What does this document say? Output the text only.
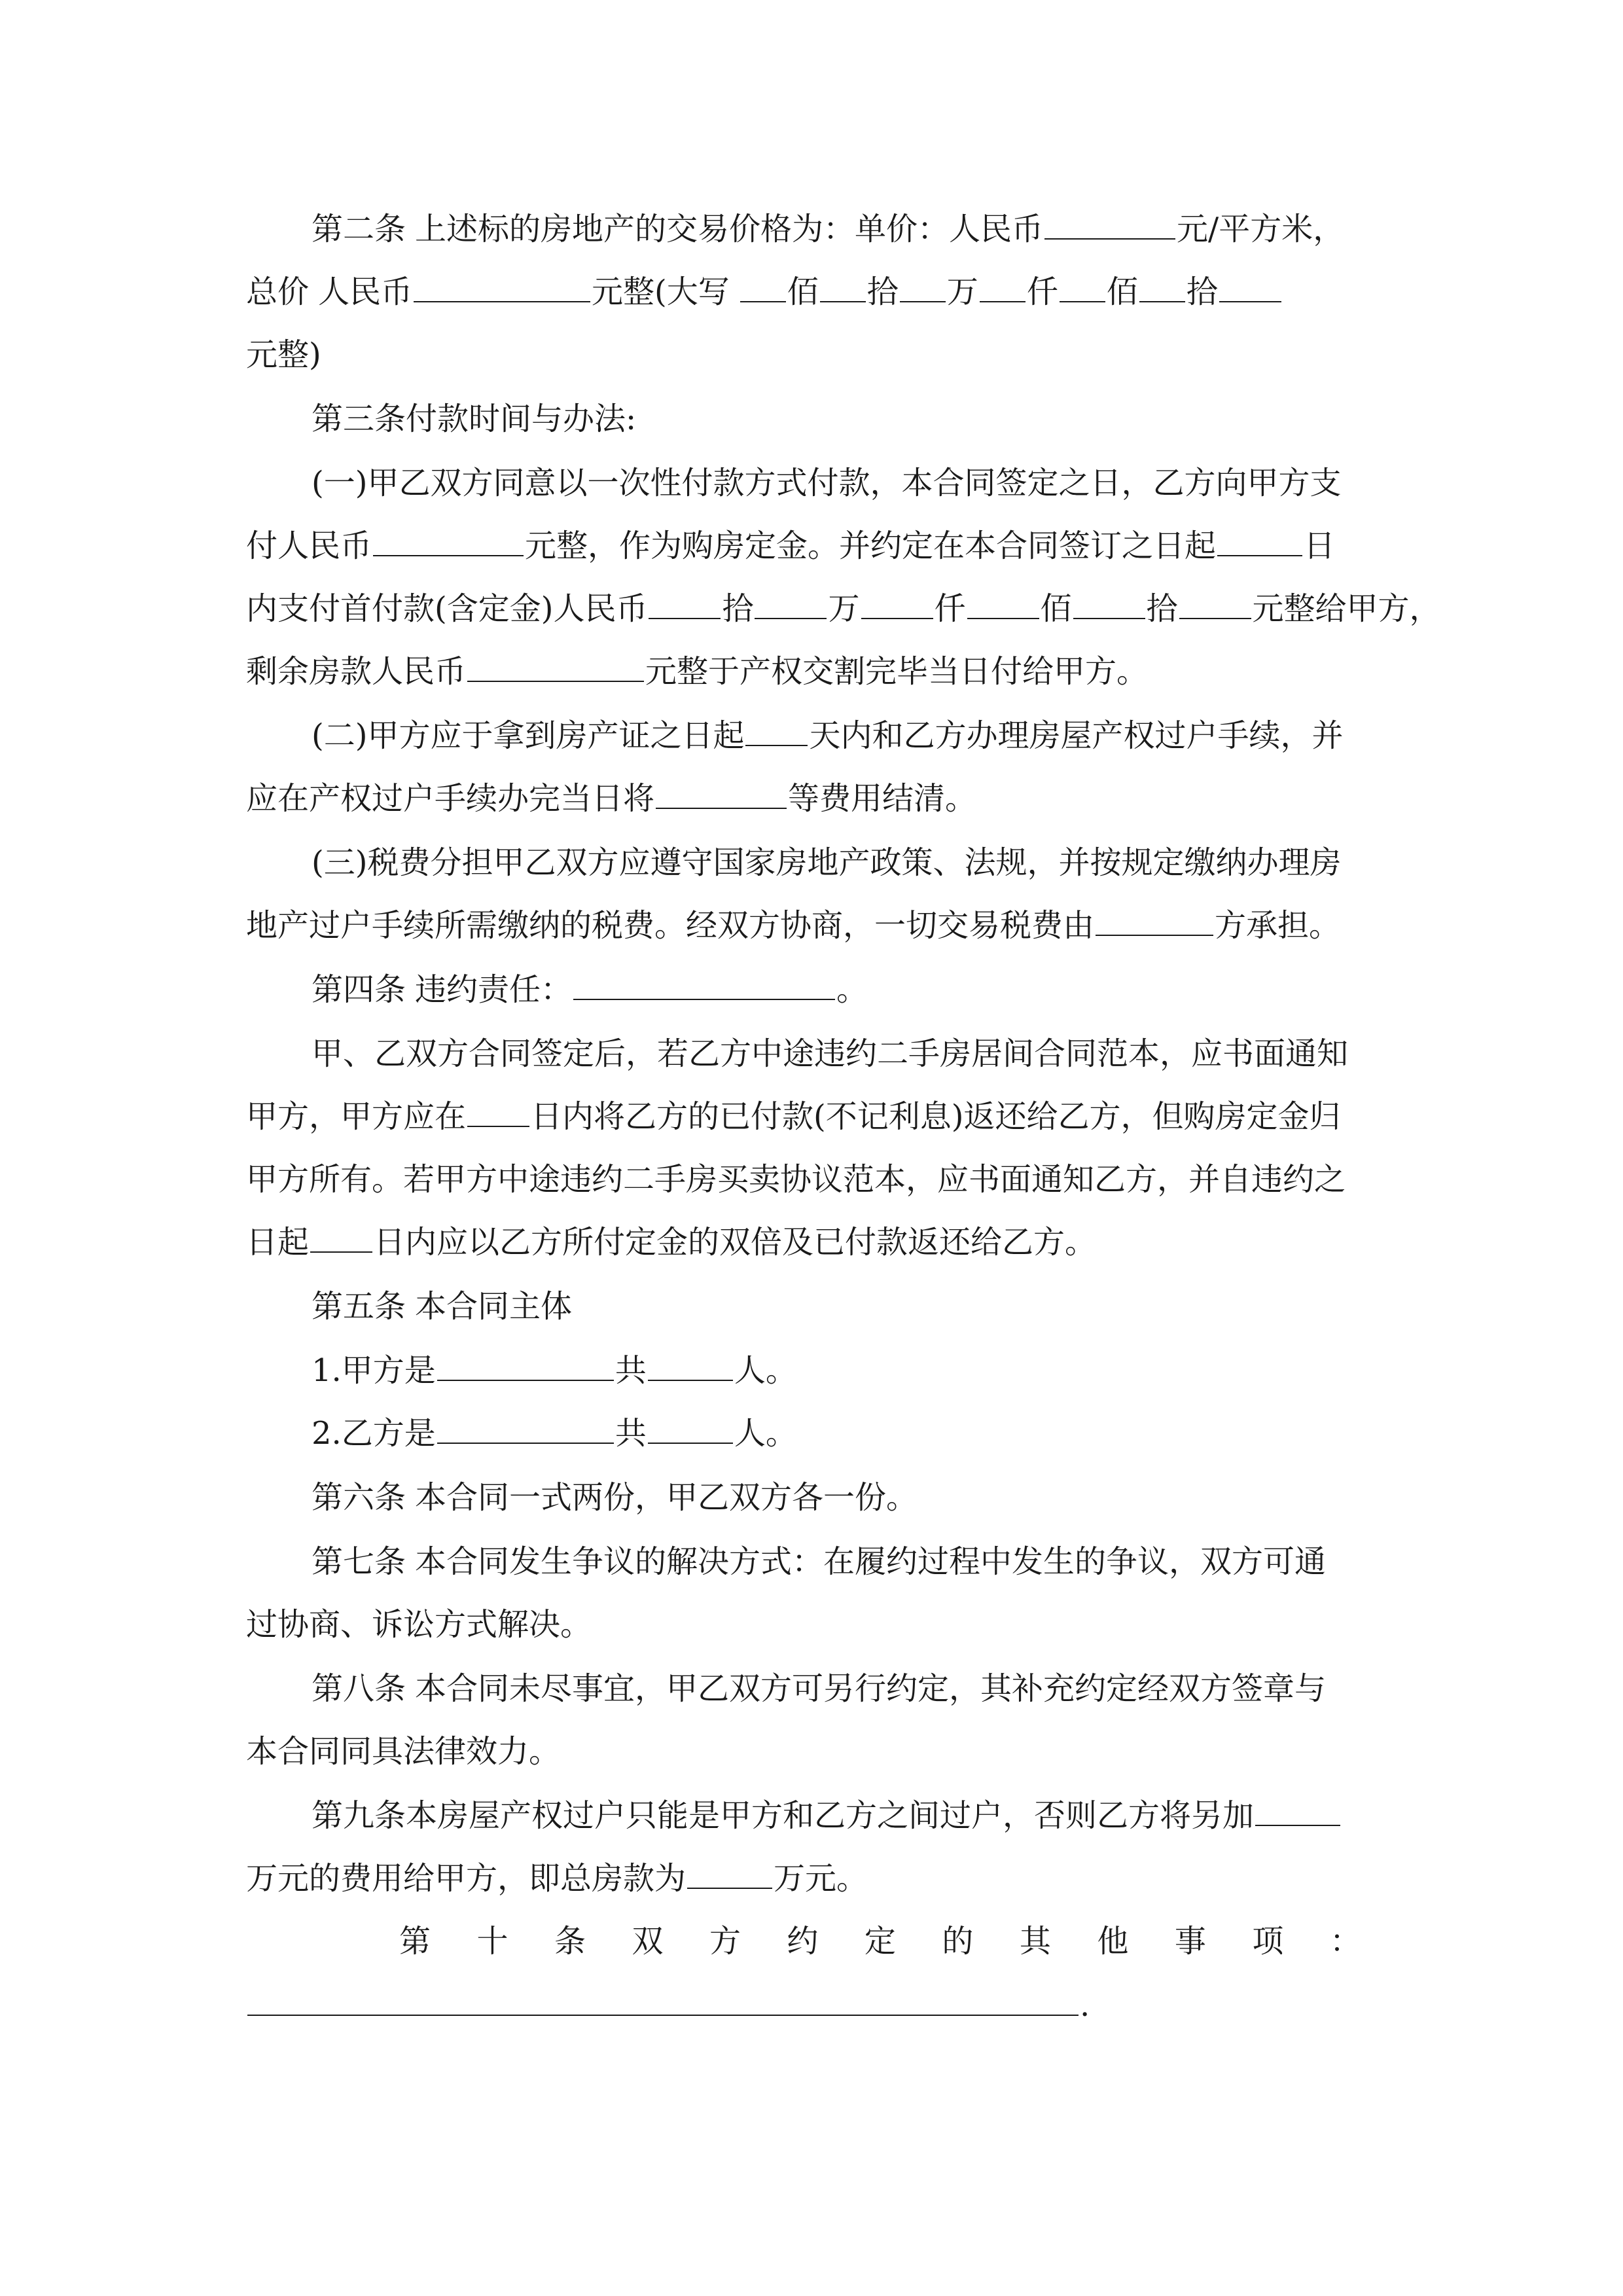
第二条 上述标的房地产的交易价格为：单价：人民币	元/平方米，
总价 人民币	元整(大写 佰 拾 万 仟 佰 拾
元整)
第三条付款时间与办法:
(一)甲乙双方同意以一次性付款方式付款，本合同签定之日，乙方向甲方支
付人民币	元整，作为购房定金。并约定在本合同签订之日起	日
内支付首付款(含定金)人民币 拾 万 仟 佰 拾 元整给甲方，
剩余房款人民币	元整于产权交割完毕当日付给甲方。
(二)甲方应于拿到房产证之日起 天内和乙方办理房屋产权过户手续，并
应在产权过户手续办完当日将	等费用结清。
(三)税费分担甲乙双方应遵守国家房地产政策、法规，并按规定缴纳办理房
地产过户手续所需缴纳的税费。经双方协商，一切交易税费由	方承担。
第四条 违约责任：	。
甲、乙双方合同签定后，若乙方中途违约二手房居间合同范本，应书面通知
甲方，甲方应在 日内将乙方的已付款(不记利息)返还给乙方，但购房定金归
甲方所有。若甲方中途违约二手房买卖协议范本，应书面通知乙方，并自违约之
日起 日内应以乙方所付定金的双倍及已付款返还给乙方。
第五条 本合同主体
1.甲方是	共	人。
2.乙方是	共	人。
第六条 本合同一式两份，甲乙双方各一份。
第七条 本合同发生争议的解决方式：在履约过程中发生的争议，双方可通
过协商、诉讼方式解决。
第八条 本合同未尽事宜，甲乙双方可另行约定，其补充约定经双方签章与
本合同同具法律效力。
第九条本房屋产权过户只能是甲方和乙方之间过户，否则乙方将另加
万元的费用给甲方，即总房款为	万元。
第 十 条 双 方 约 定 的 其 他 事 项 ：
.
